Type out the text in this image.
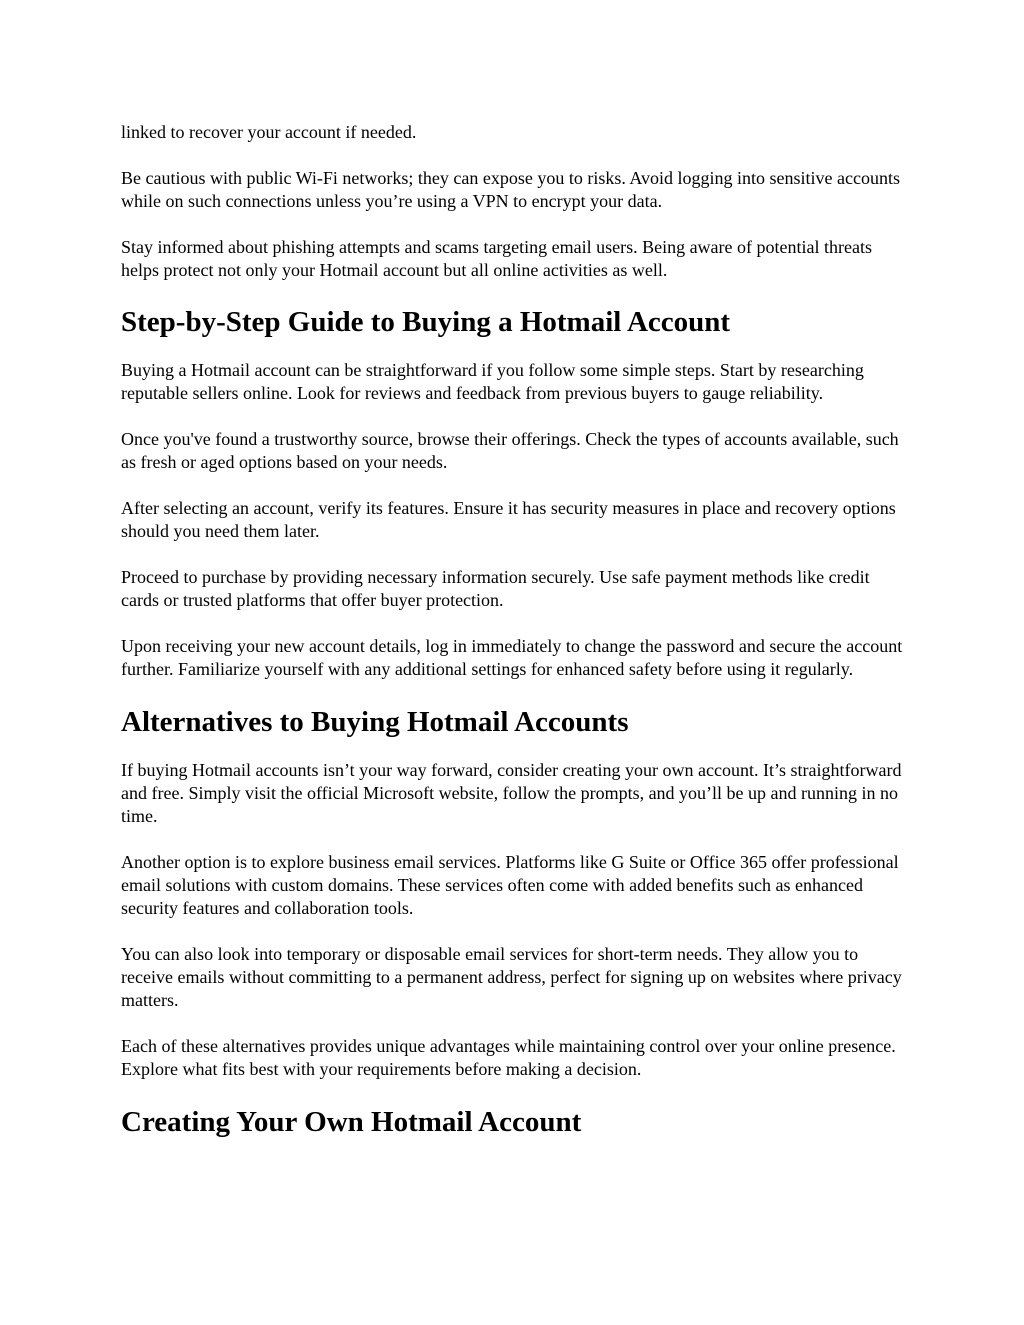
linked to recover your account if needed.

Be cautious with public Wi-Fi networks; they can expose you to risks. Avoid logging into sensitive accounts while on such connections unless you’re using a VPN to encrypt your data.

Stay informed about phishing attempts and scams targeting email users. Being aware of potential threats helps protect not only your Hotmail account but all online activities as well.

Step-by-Step Guide to Buying a Hotmail Account

Buying a Hotmail account can be straightforward if you follow some simple steps. Start by researching reputable sellers online. Look for reviews and feedback from previous buyers to gauge reliability.

Once you've found a trustworthy source, browse their offerings. Check the types of accounts available, such as fresh or aged options based on your needs.

After selecting an account, verify its features. Ensure it has security measures in place and recovery options should you need them later.

Proceed to purchase by providing necessary information securely. Use safe payment methods like credit cards or trusted platforms that offer buyer protection.

Upon receiving your new account details, log in immediately to change the password and secure the account further. Familiarize yourself with any additional settings for enhanced safety before using it regularly.

Alternatives to Buying Hotmail Accounts

If buying Hotmail accounts isn’t your way forward, consider creating your own account. It’s straightforward and free. Simply visit the official Microsoft website, follow the prompts, and you’ll be up and running in no time.

Another option is to explore business email services. Platforms like G Suite or Office 365 offer professional email solutions with custom domains. These services often come with added benefits such as enhanced security features and collaboration tools.

You can also look into temporary or disposable email services for short-term needs. They allow you to receive emails without committing to a permanent address, perfect for signing up on websites where privacy matters.

Each of these alternatives provides unique advantages while maintaining control over your online presence. Explore what fits best with your requirements before making a decision.

Creating Your Own Hotmail Account
